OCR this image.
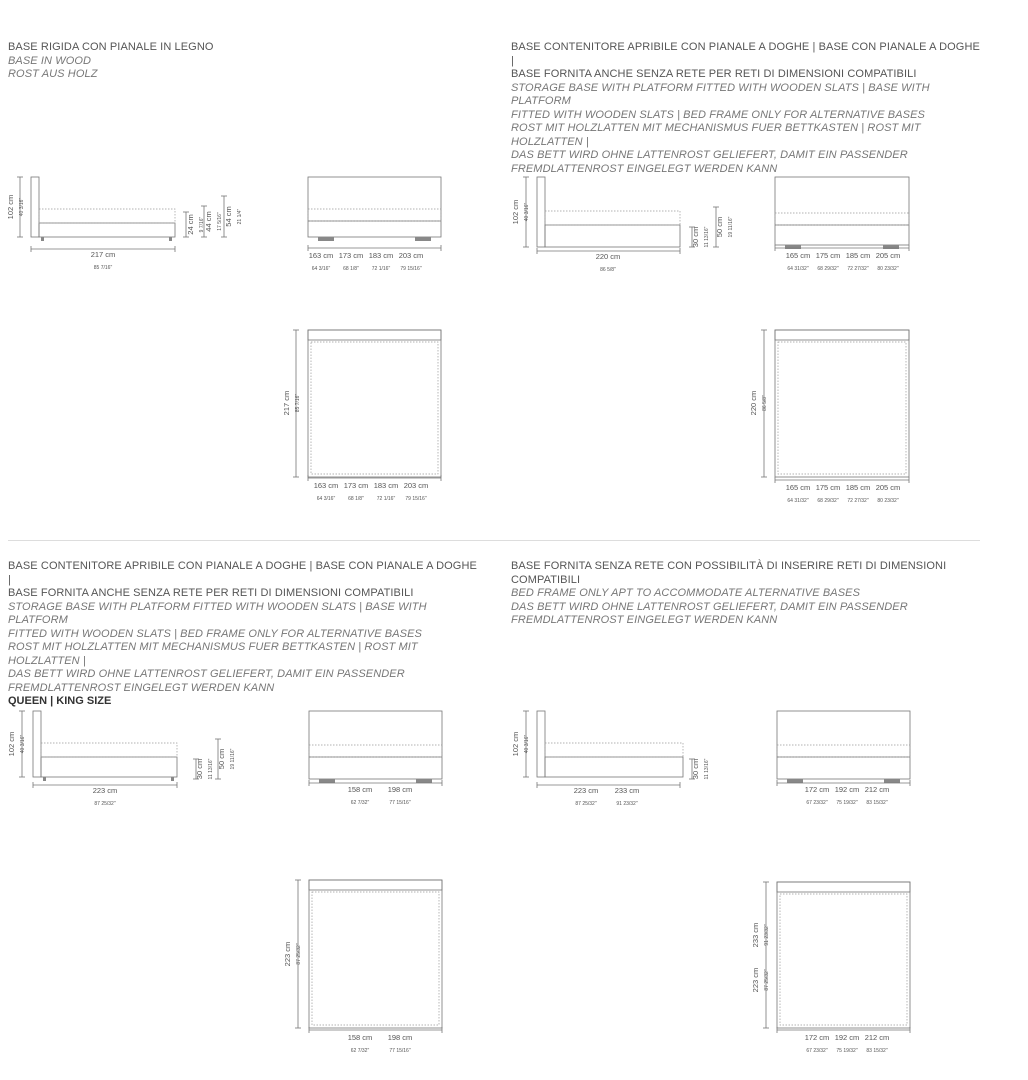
BASE RIGIDA CON PIANALE IN LEGNO
BASE IN WOOD
ROST AUS HOLZ
BASE CONTENITORE APRIBILE CON PIANALE A DOGHE | BASE CON PIANALE A DOGHE |
BASE FORNITA ANCHE SENZA RETE PER RETI DI DIMENSIONI COMPATIBILI
STORAGE BASE WITH PLATFORM FITTED WITH WOODEN SLATS | BASE WITH PLATFORM
FITTED WITH WOODEN SLATS | BED FRAME ONLY FOR ALTERNATIVE BASES
ROST MIT HOLZLATTEN MIT MECHANISMUS FUER BETTKASTEN | ROST MIT HOLZLATTEN |
DAS BETT WIRD OHNE LATTENROST GELIEFERT, DAMIT EIN PASSENDER
FREMDLATTENROST EINGELEGT WERDEN KANN
BASE CONTENITORE APRIBILE CON PIANALE A DOGHE | BASE CON PIANALE A DOGHE |
BASE FORNITA ANCHE SENZA RETE PER RETI DI DIMENSIONI COMPATIBILI
STORAGE BASE WITH PLATFORM FITTED WITH WOODEN SLATS | BASE WITH PLATFORM
FITTED WITH WOODEN SLATS | BED FRAME ONLY FOR ALTERNATIVE BASES
ROST MIT HOLZLATTEN MIT MECHANISMUS FUER BETTKASTEN | ROST MIT HOLZLATTEN |
DAS BETT WIRD OHNE LATTENROST GELIEFERT, DAMIT EIN PASSENDER
FREMDLATTENROST EINGELEGT WERDEN KANN
QUEEN | KING SIZE
BASE FORNITA SENZA RETE CON POSSIBILITÀ DI INSERIRE RETI DI DIMENSIONI
COMPATIBILI
BED FRAME ONLY APT TO ACCOMMODATE ALTERNATIVE BASES
DAS BETT WIRD OHNE LATTENROST GELIEFERT, DAMIT EIN PASSENDER
FREMDLATTENROST EINGELEGT WERDEN KANN
102 cm 40 3/16"
217 cm
85 7/16"
24 cm 9 7/16" 44 cm 17 5/16" 54 cm 21 1/4"
163 cm
64 3/16"
173 cm
68 1/8"
183 cm
72 1/16"
203 cm
79 15/16"
217 cm 85 7/16"
163 cm
64 3/16"
173 cm
68 1/8"
183 cm
72 1/16"
203 cm
79 15/16"
102 cm 40 3/16"
220 cm
86 5/8"
30 cm 11 13/16" 50 cm 19 11/16"
165 cm
64 31/32"
175 cm
68 29/32"
185 cm
72 27/32"
205 cm
80 23/32"
220 cm 86 5/8"
165 cm
64 31/32"
175 cm
68 29/32"
185 cm
72 27/32"
205 cm
80 23/32"
102 cm 40 3/16"
223 cm
87 25/32"
30 cm 11 13/16" 50 cm 19 11/16"
158 cm
62 7/32"
198 cm
77 15/16"
223 cm 87 25/32"
158 cm
62 7/32"
198 cm
77 15/16"
102 cm 40 3/16"
223 cm
87 25/32"
233 cm
91 23/32"
30 cm 11 13/16"
172 cm
67 23/32"
192 cm
75 19/32"
212 cm
83 15/32"
233 cm 91 23/32"
223 cm 87 25/32"
172 cm
67 23/32"
192 cm
75 19/32"
212 cm
83 15/32"
